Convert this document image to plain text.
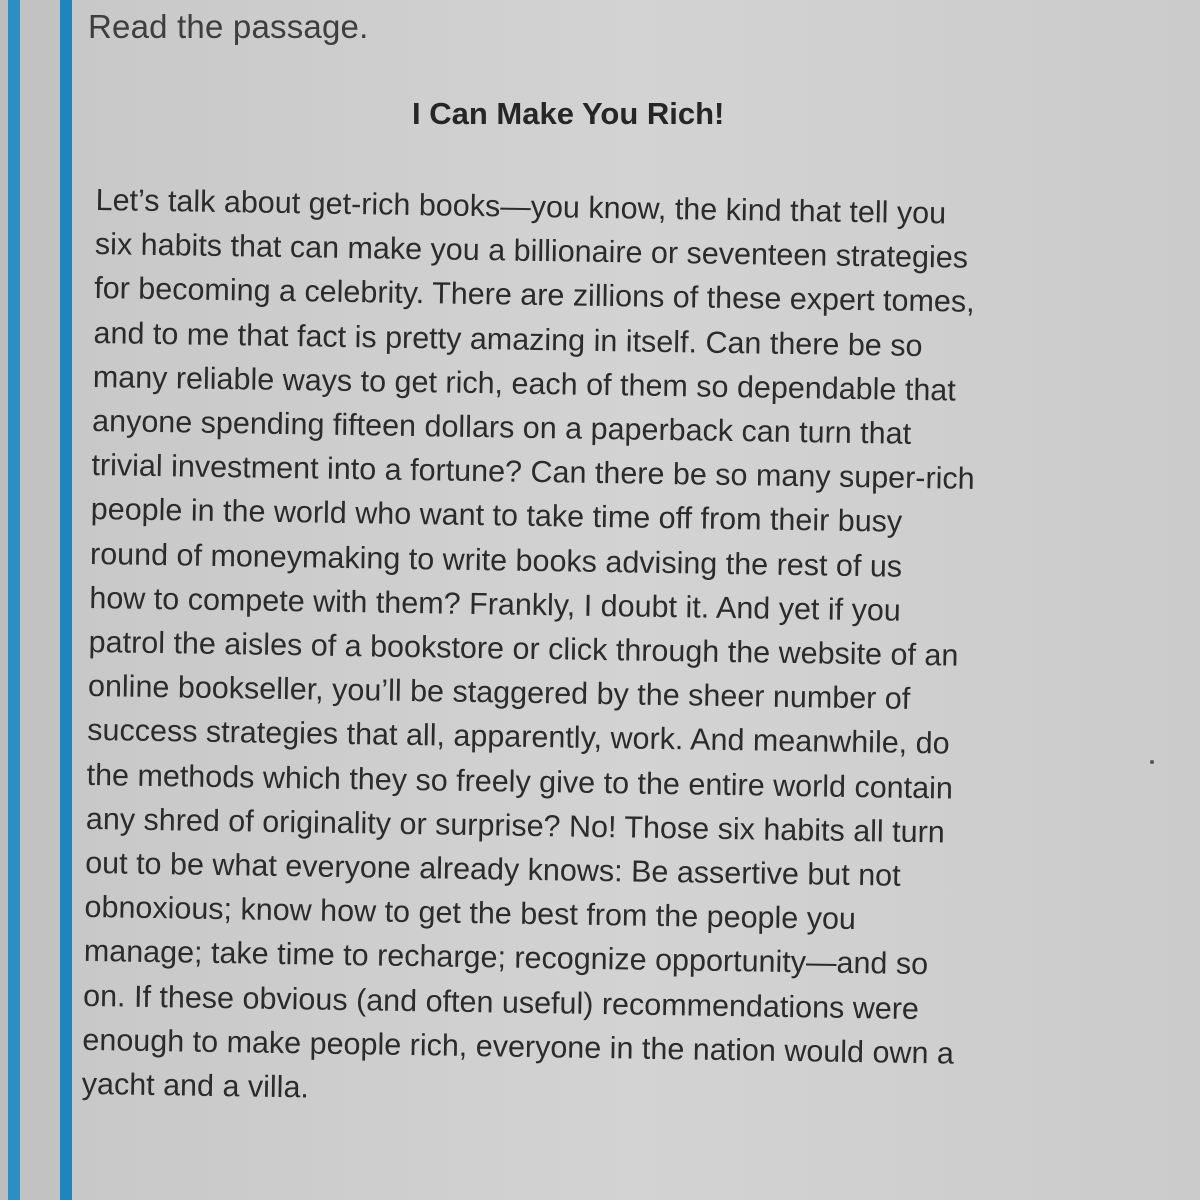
Read the passage.
I Can Make You Rich!
Let’s talk about get-rich books—you know, the kind that tell you
six habits that can make you a billionaire or seventeen strategies
for becoming a celebrity. There are zillions of these expert tomes,
and to me that fact is pretty amazing in itself. Can there be so
many reliable ways to get rich, each of them so dependable that
anyone spending fifteen dollars on a paperback can turn that
trivial investment into a fortune? Can there be so many super-rich
people in the world who want to take time off from their busy
round of moneymaking to write books advising the rest of us
how to compete with them? Frankly, I doubt it. And yet if you
patrol the aisles of a bookstore or click through the website of an
online bookseller, you’ll be staggered by the sheer number of
success strategies that all, apparently, work. And meanwhile, do
the methods which they so freely give to the entire world contain
any shred of originality or surprise? No! Those six habits all turn
out to be what everyone already knows: Be assertive but not
obnoxious; know how to get the best from the people you
manage; take time to recharge; recognize opportunity—and so
on. If these obvious (and often useful) recommendations were
enough to make people rich, everyone in the nation would own a
yacht and a villa.
